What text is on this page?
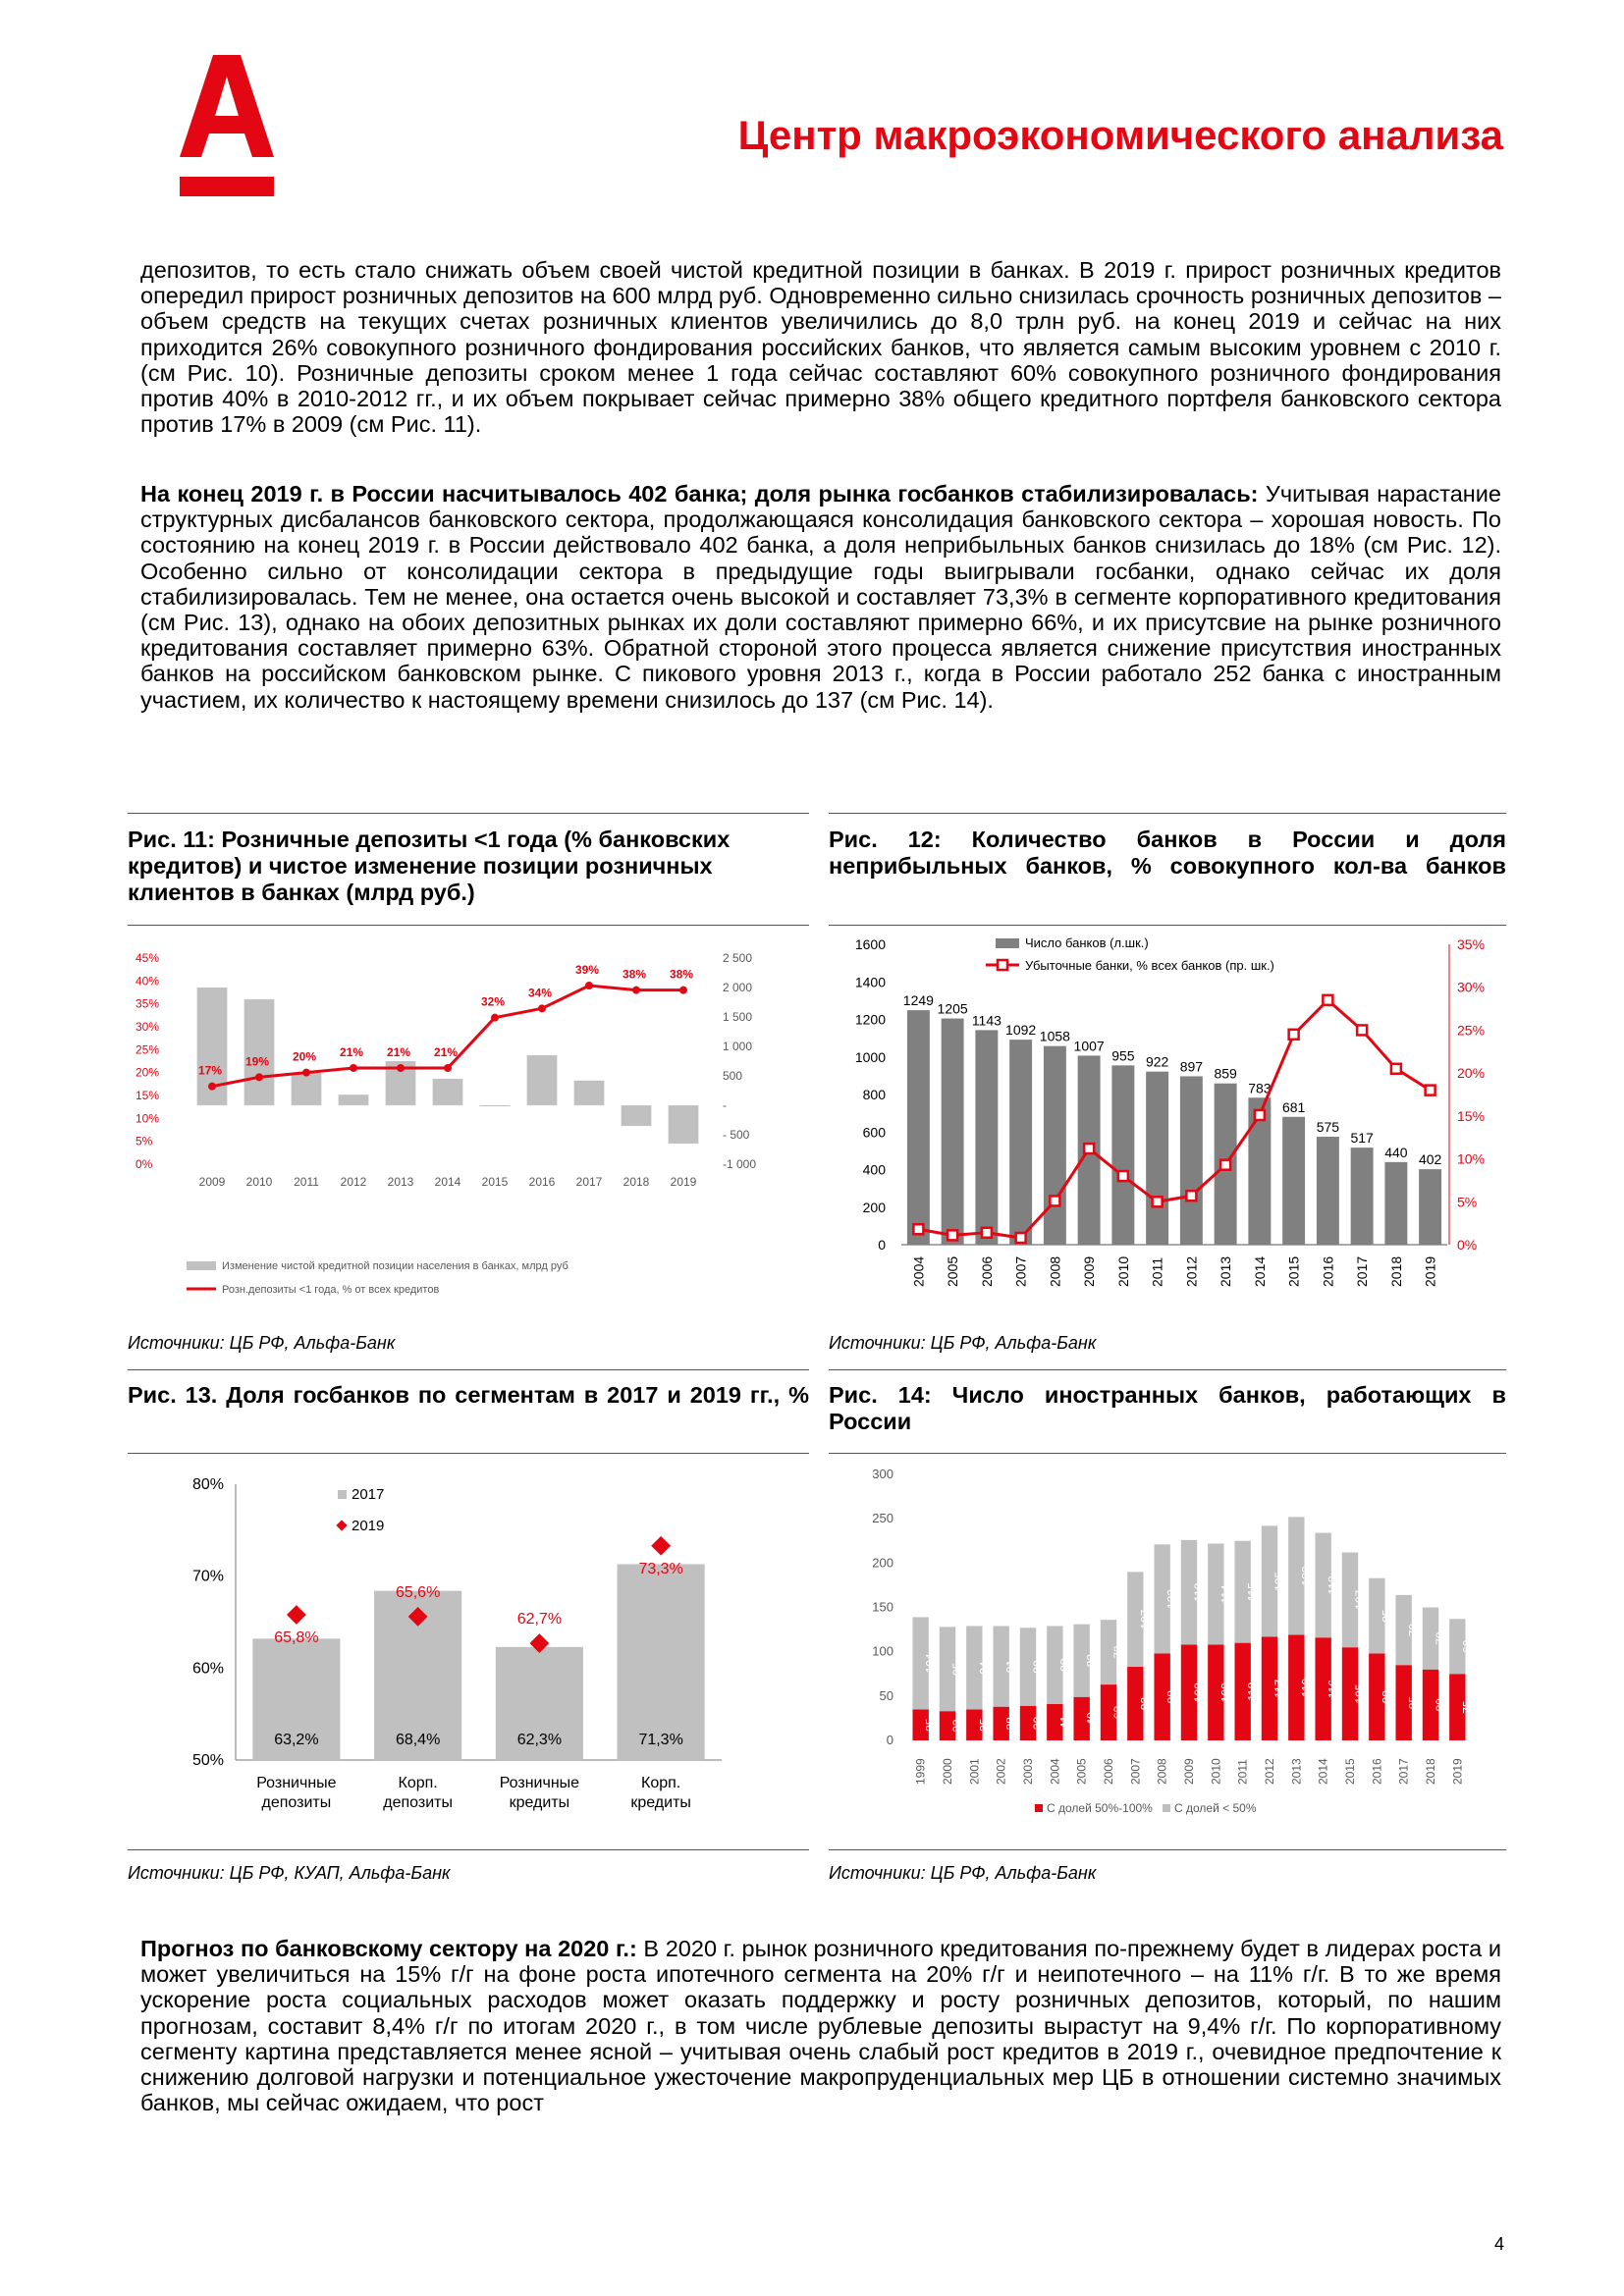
Центр макроэкономического анализа
депозитов, то есть стало снижать объем своей чистой кредитной позиции в банках. В 2019 г. прирост розничных кредитов опередил прирост розничных депозитов на 600 млрд руб. Одновременно сильно снизилась срочность розничных депозитов – объем средств на текущих счетах розничных клиентов увеличились до 8,0 трлн руб. на конец 2019 и сейчас на них приходится 26% совокупного розничного фондирования российских банков, что является самым высоким уровнем с 2010 г. (см Рис. 10). Розничные депозиты сроком менее 1 года сейчас составляют 60% совокупного розничного фондирования против 40% в 2010-2012 гг., и их объем покрывает сейчас примерно 38% общего кредитного портфеля банковского сектора против 17% в 2009 (см Рис. 11).
На конец 2019 г. в России насчитывалось 402 банка; доля рынка госбанков стабилизировалась: Учитывая нарастание структурных дисбалансов банковского сектора, продолжающаяся консолидация банковского сектора – хорошая новость. По состоянию на конец 2019 г. в России действовало 402 банка, а доля неприбыльных банков снизилась до 18% (см Рис. 12). Особенно сильно от консолидации сектора в предыдущие годы выигрывали госбанки, однако сейчас их доля стабилизировалась. Тем не менее, она остается очень высокой и составляет 73,3% в сегменте корпоративного кредитования (см Рис. 13), однако на обоих депозитных рынках их доли составляют примерно 66%, и их присутсвие на рынке розничного кредитования составляет примерно 63%. Обратной стороной этого процесса является снижение присутствия иностранных банков на российском банковском рынке. С пикового уровня 2013 г., когда в России работало 252 банка с иностранным участием, их количество к настоящему времени снизилось до 137 (см Рис. 14).
Рис. 11: Розничные депозиты <1 года (% банковских кредитов) и чистое изменение позиции розничных клиентов в банках (млрд руб.)
45%
40%
35%
30%
25%
20%
15%
10%
5%
0%
2 500
2 000
1 500
1 000
500
-
- 500
-1 000
17%
19% 20% 21% 21% 21%
32%
34%
39% 38% 38%
2009 2010 2011 2012 2013 2014 2015 2016 2017 2018 2019
Изменение чистой кредитной позиции населения в банках, млрд руб
Розн.депозиты <1 года, % от всех кредитов
Источники: ЦБ РФ, Альфа-Банк
Рис. 12: Количество банков в России и доля неприбыльных банков, % совокупного кол-ва банков
1600
1400
1200
1000
800
600
400
200
0
35%
30%
25%
20%
15%
10%
5%
0%
1249
1205
1143
1092 1058
1007
955 922 897 859
783
681
575
517
440 402
2004 2005 2006 2007 2008 2009 2010 2011 2012 2013 2014 2015 2016 2017 2018 2019
Число банков (л.шк.)
Убыточные банки, % всех банков (пр. шк.)
Источники: ЦБ РФ, Альфа-Банк
Рис. 13. Доля госбанков по сегментам в 2017 и 2019 гг., %
80%
70%
60%
50%
63,2%	68,4%	62,3%	71,3%
65,8%
65,6%
62,7%
73,3%
Розничные
депозиты
Корп.
депозиты
Розничные
кредиты
Корп.
кредиты
2017
2019
Источники: ЦБ РФ, КУАП, Альфа-Банк
Рис. 14: Число иностранных банков, работающих в России
300
250
200
150
100
50
0
35
104
1999
33
95
2000
35
94
2001
38
91
2002
39
88
2003
41
88
2004
49
82
2005
63
73
2006
83
107
2007
98
123
2008
108
118
2009
108
114
2010
110
115
2011
117
125
2012
119
133
2013
116
118
2014
105
107
2015
98
85
2016
85
79
2017
80
70
2018
75
62
2019
С долей 50%-100% С долей < 50%
Источники: ЦБ РФ, Альфа-Банк
Прогноз по банковскому сектору на 2020 г.: В 2020 г. рынок розничного кредитования по-прежнему будет в лидерах роста и может увеличиться на 15% г/г на фоне роста ипотечного сегмента на 20% г/г и неипотечного – на 11% г/г. В то же время ускорение роста социальных расходов может оказать поддержку и росту розничных депозитов, который, по нашим прогнозам, составит 8,4% г/г по итогам 2020 г., в том числе рублевые депозиты вырастут на 9,4% г/г. По корпоративному сегменту картина представляется менее ясной – учитывая очень слабый рост кредитов в 2019 г., очевидное предпочтение к снижению долговой нагрузки и потенциальное ужесточение макропруденциальных мер ЦБ в отношении системно значимых банков, мы сейчас ожидаем, что рост
4
